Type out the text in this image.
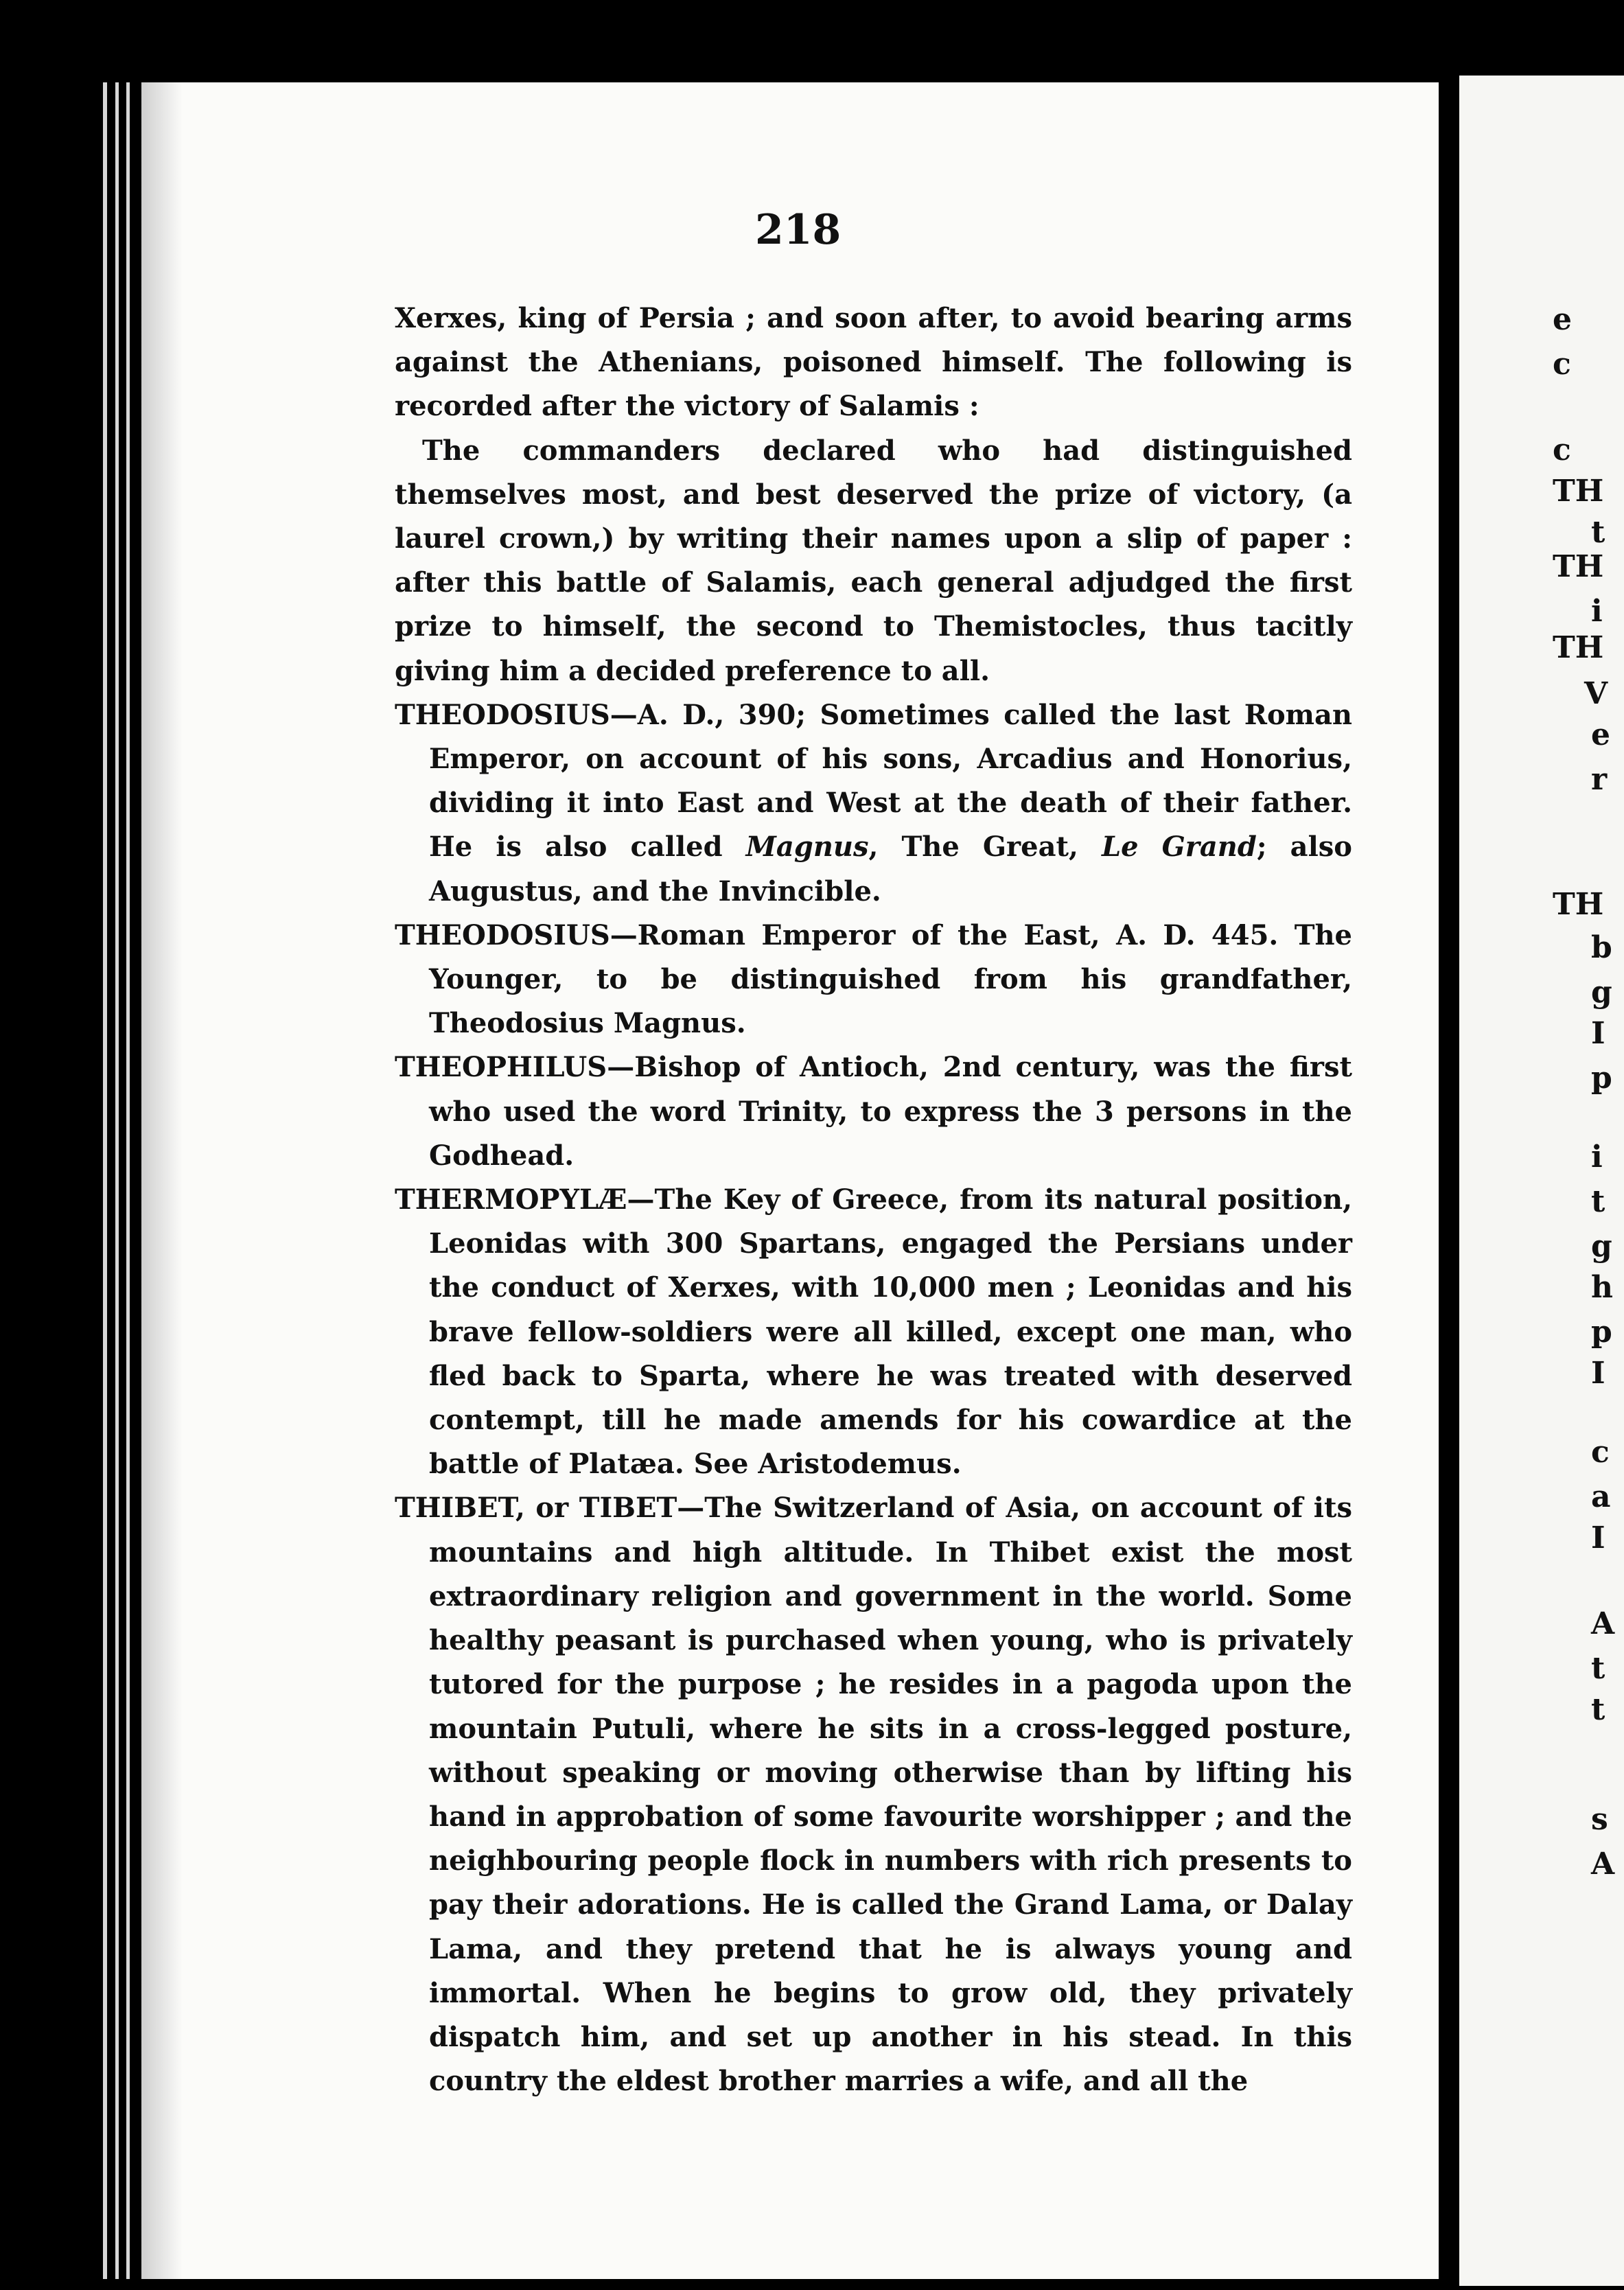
218

Xerxes, king of Persia ; and soon after, to avoid bearing arms against the Athenians, poisoned himself. The following is recorded after the victory of Salamis :

The commanders declared who had distinguished themselves most, and best deserved the prize of victory, (a laurel crown,) by writing their names upon a slip of paper : after this battle of Salamis, each general adjudged the first prize to himself, the second to Themistocles, thus tacitly giving him a decided preference to all.

THEODOSIUS—A. D., 390; Sometimes called the last Roman Emperor, on account of his sons, Arcadius and Honorius, dividing it into East and West at the death of their father. He is also called Magnus, The Great, Le Grand; also Augustus, and the Invincible.

THEODOSIUS—Roman Emperor of the East, A. D. 445. The Younger, to be distinguished from his grandfather, Theodosius Magnus.

THEOPHILUS—Bishop of Antioch, 2nd century, was the first who used the word Trinity, to express the 3 persons in the Godhead.

THERMOPYLÆ—The Key of Greece, from its natural position, Leonidas with 300 Spartans, engaged the Persians under the conduct of Xerxes, with 10,000 men ; Leonidas and his brave fellow-soldiers were all killed, except one man, who fled back to Sparta, where he was treated with deserved contempt, till he made amends for his cowardice at the battle of Platæa. See Aristodemus.

THIBET, or TIBET—The Switzerland of Asia, on account of its mountains and high altitude. In Thibet exist the most extraordinary religion and government in the world. Some healthy peasant is purchased when young, who is privately tutored for the purpose ; he resides in a pagoda upon the mountain Putuli, where he sits in a cross-legged posture, without speaking or moving otherwise than by lifting his hand in approbation of some favourite worshipper ; and the neighbouring people flock in numbers with rich presents to pay their adorations. He is called the Grand Lama, or Dalay Lama, and they pretend that he is always young and immortal. When he begins to grow old, they privately dispatch him, and set up another in his stead. In this country the eldest brother marries a wife, and all the

e
c
c
TH
t
TH
i
TH
V
e
r
TH
b
g
I
p
i
t
g
h
p
I
c
a
I
A
t
t
s
A
